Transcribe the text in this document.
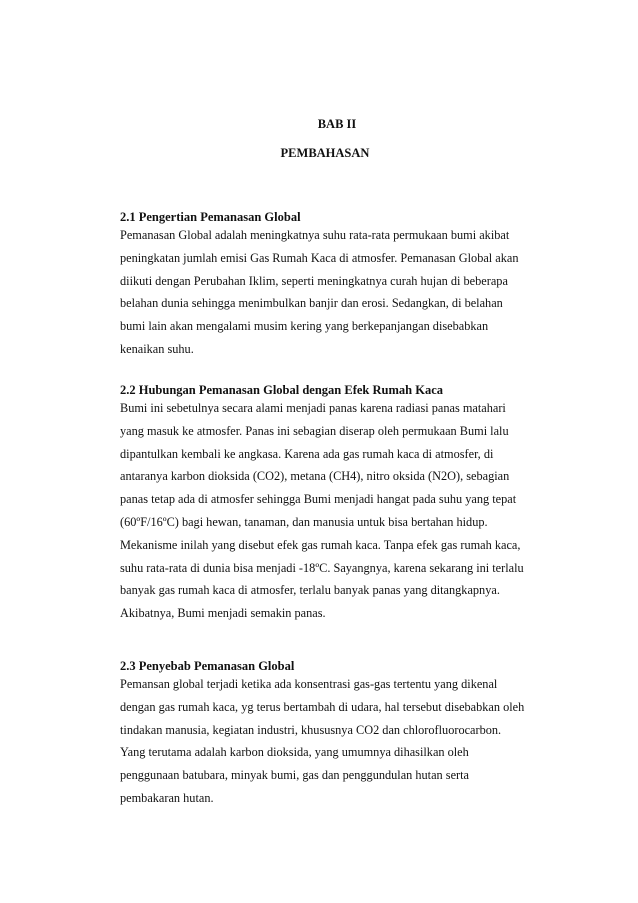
BAB II
PEMBAHASAN
2.1 Pengertian Pemanasan Global
Pemanasan Global adalah meningkatnya suhu rata-rata permukaan bumi akibat
peningkatan jumlah emisi Gas Rumah Kaca di atmosfer. Pemanasan Global akan
diikuti dengan Perubahan Iklim, seperti meningkatnya curah hujan di beberapa
belahan dunia sehingga menimbulkan banjir dan erosi. Sedangkan, di belahan
bumi lain akan mengalami musim kering yang berkepanjangan disebabkan
kenaikan suhu.
2.2 Hubungan Pemanasan Global dengan Efek Rumah Kaca
Bumi ini sebetulnya secara alami menjadi panas karena radiasi panas matahari
yang masuk ke atmosfer. Panas ini sebagian diserap oleh permukaan Bumi lalu
dipantulkan kembali ke angkasa. Karena ada gas rumah kaca di atmosfer, di
antaranya karbon dioksida (CO2), metana (CH4), nitro oksida (N2O), sebagian
panas tetap ada di atmosfer sehingga Bumi menjadi hangat pada suhu yang tepat
(60ºF/16ºC) bagi hewan, tanaman, dan manusia untuk bisa bertahan hidup.
Mekanisme inilah yang disebut efek gas rumah kaca. Tanpa efek gas rumah kaca,
suhu rata-rata di dunia bisa menjadi -18ºC. Sayangnya, karena sekarang ini terlalu
banyak gas rumah kaca di atmosfer, terlalu banyak panas yang ditangkapnya.
Akibatnya, Bumi menjadi semakin panas.
2.3 Penyebab Pemanasan Global
Pemansan global terjadi ketika ada konsentrasi gas-gas tertentu yang dikenal
dengan gas rumah kaca, yg terus bertambah di udara, hal tersebut disebabkan oleh
tindakan manusia, kegiatan industri, khususnya CO2 dan chlorofluorocarbon.
Yang terutama adalah karbon dioksida, yang umumnya dihasilkan oleh
penggunaan batubara, minyak bumi, gas dan penggundulan hutan serta
pembakaran hutan.
